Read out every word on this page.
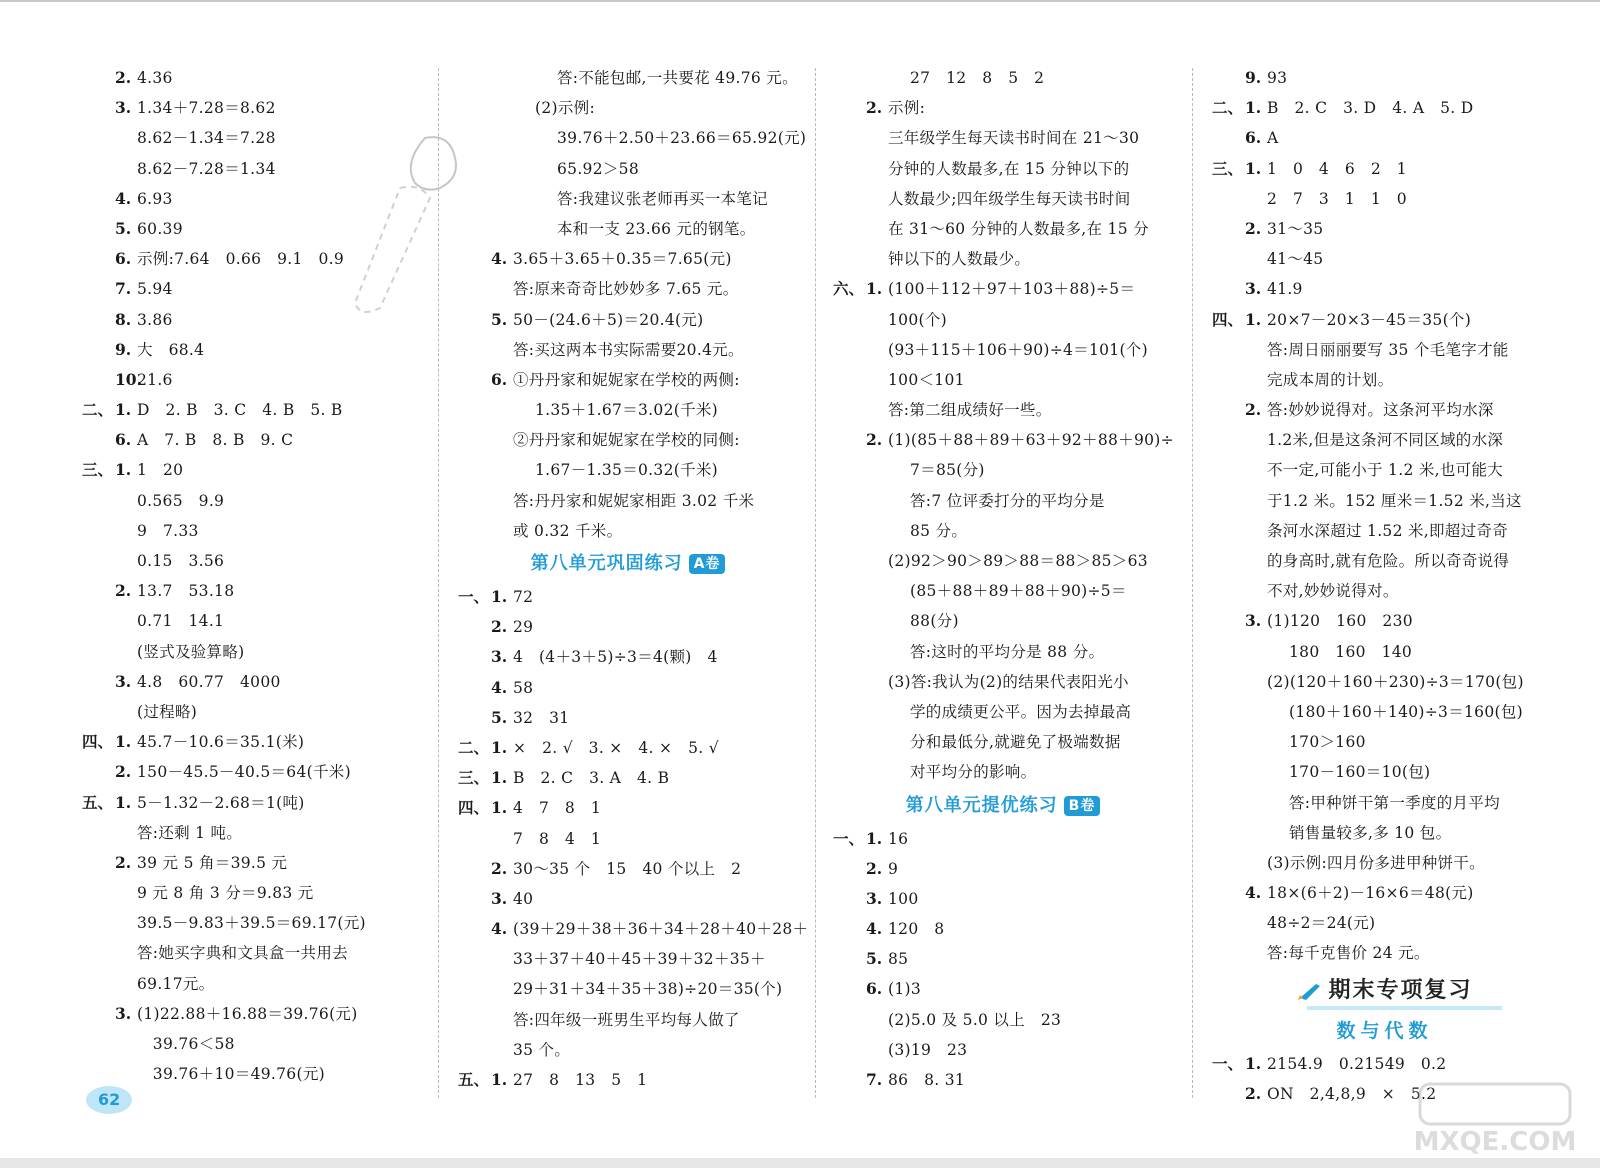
2. 4.36
3. 1.34＋7.28＝8.62
8.62－1.34＝7.28
8.62－7.28＝1.34
4. 6.93
5. 60.39
6. 示例:7.64　0.66　9.1　0.9
7. 5.94
8. 3.86
9. 大　68.4
10.
21.6
二、 1. D　2. B　3. C　4. B　5. B
6. A　7. B　8. B　9. C
三、 1. 1　20
0.565　9.9
9　7.33
0.15　3.56
2. 13.7　53.18
0.71　14.1
(竖式及验算略)
3. 4.8　60.77　4000
(过程略)
四、 1. 45.7－10.6＝35.1(米)
2. 150－45.5－40.5＝64(千米)
五、 1. 5－1.32－2.68＝1(吨)
答:还剩 1 吨。
2. 39 元 5 角＝39.5 元
9 元 8 角 3 分＝9.83 元
39.5－9.83＋39.5＝69.17(元)
答:她买字典和文具盒一共用去
69.17元。
3. (1)22.88＋16.88＝39.76(元)
　39.76＜58
　39.76＋10＝49.76(元)
答:不能包邮,一共要花 49.76 元。
(2)示例:
39.76＋2.50＋23.66＝65.92(元)
65.92＞58
答:我建议张老师再买一本笔记
本和一支 23.66 元的钢笔。
4. 3.65＋3.65＋0.35＝7.65(元)
答:原来奇奇比妙妙多 7.65 元。
5. 50－(24.6＋5)＝20.4(元)
答:买这两本书实际需要20.4元。
6. ①丹丹家和妮妮家在学校的两侧:
1.35＋1.67＝3.02(千米)
②丹丹家和妮妮家在学校的同侧:
1.67－1.35＝0.32(千米)
答:丹丹家和妮妮家相距 3.02 千米
或 0.32 千米。
第八单元巩固练习 A卷
一、 1. 72
2. 29
3. 4　(4＋3＋5)÷3＝4(颗)　4
4. 58
5. 32　31
二、 1. ×　2. √　3. ×　4. ×　5. √
三、 1. B　2. C　3. A　4. B
四、 1. 4　7　8　1
7　8　4　1
2. 30～35 个　15　40 个以上　2
3. 40
4. (39＋29＋38＋36＋34＋28＋40＋28＋
33＋37＋40＋45＋39＋32＋35＋
29＋31＋34＋35＋38)÷20＝35(个)
答:四年级一班男生平均每人做了
35 个。
五、 1. 27　8　13　5　1
27　12　8　5　2
2. 示例:
三年级学生每天读书时间在 21～30
分钟的人数最多,在 15 分钟以下的
人数最少;四年级学生每天读书时间
在 31～60 分钟的人数最多,在 15 分
钟以下的人数最少。
六、 1. (100＋112＋97＋103＋88)÷5＝
100(个)
(93＋115＋106＋90)÷4＝101(个)
100＜101
答:第二组成绩好一些。
2. (1)(85＋88＋89＋63＋92＋88＋90)÷
7＝85(分)
答:7 位评委打分的平均分是
85 分。
(2)92＞90＞89＞88＝88＞85＞63
(85＋88＋89＋88＋90)÷5＝
88(分)
答:这时的平均分是 88 分。
(3)答:我认为(2)的结果代表阳光小
学的成绩更公平。因为去掉最高
分和最低分,就避免了极端数据
对平均分的影响。
第八单元提优练习 B卷
一、 1. 16
2. 9
3. 100
4. 120　8
5. 85
6. (1)3
(2)5.0 及 5.0 以上　23
(3)19　23
7. 86　8. 31
9. 93
二、 1. B　2. C　3. D　4. A　5. D
6. A
三、 1. 1　0　4　6　2　1
2　7　3　1　1　0
2. 31～35
41～45
3. 41.9
四、 1. 20×7－20×3－45＝35(个)
答:周日丽丽要写 35 个毛笔字才能
完成本周的计划。
2. 答:妙妙说得对。这条河平均水深
1.2米,但是这条河不同区域的水深
不一定,可能小于 1.2 米,也可能大
于1.2 米。152 厘米＝1.52 米,当这
条河水深超过 1.52 米,即超过奇奇
的身高时,就有危险。所以奇奇说得
不对,妙妙说得对。
3. (1)120　160　230
180　160　140
(2)(120＋160＋230)÷3＝170(包)
(180＋160＋140)÷3＝160(包)
170＞160
170－160＝10(包)
答:甲种饼干第一季度的月平均
销售量较多,多 10 包。
(3)示例:四月份多进甲种饼干。
4. 18×(6＋2)－16×6＝48(元)
48÷2＝24(元)
答:每千克售价 24 元。
期末专项复习
数与代数
一、 1. 2154.9　0.21549　0.2
2. ON　2,4,8,9　×　5.2
62
MXQE.COM
